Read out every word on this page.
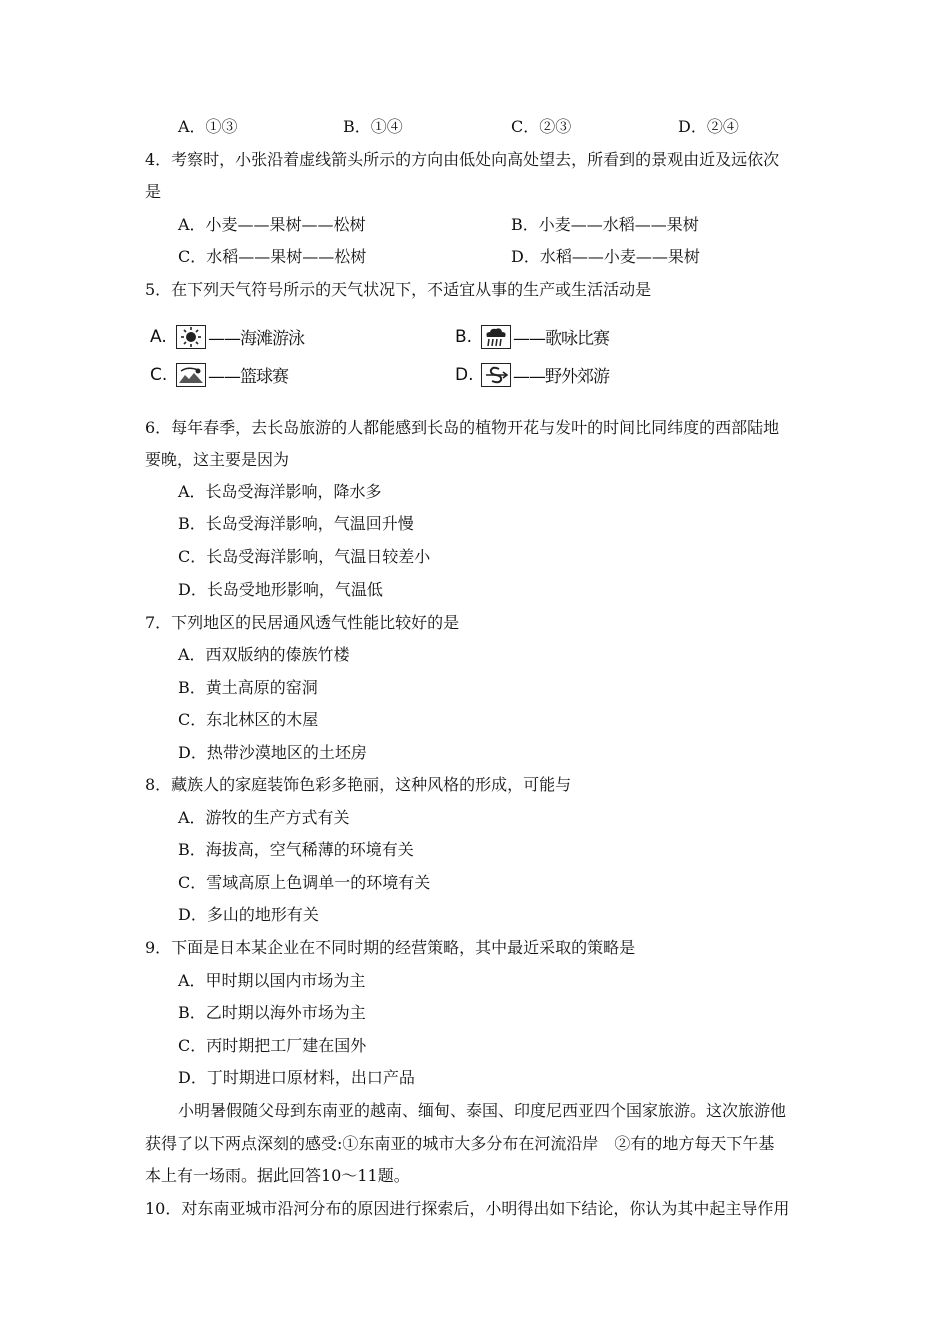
A．①③	B．①④	C．②③	D．②④
4．考察时，小张沿着虚线箭头所示的方向由低处向高处望去，所看到的景观由近及远依次
是
A．小麦——果树——松树	B．小麦——水稻——果树
C．水稻——果树——松树	D．水稻——小麦——果树
5．在下列天气符号所示的天气状况下，不适宜从事的生产或生活活动是
A.	——海滩游泳	B.	——歌咏比赛
C.	——篮球赛	D.	——野外郊游
6．每年春季，去长岛旅游的人都能感到长岛的植物开花与发叶的时间比同纬度的西部陆地
要晚，这主要是因为
A．长岛受海洋影响，降水多
B．长岛受海洋影响，气温回升慢
C．长岛受海洋影响，气温日较差小
D．长岛受地形影响，气温低
7．下列地区的民居通风透气性能比较好的是
A．西双版纳的傣族竹楼
B．黄土高原的窑洞
C．东北林区的木屋
D．热带沙漠地区的土坯房
8．藏族人的家庭装饰色彩多艳丽，这种风格的形成，可能与
A．游牧的生产方式有关
B．海拔高，空气稀薄的环境有关
C．雪域高原上色调单一的环境有关
D．多山的地形有关
9．下面是日本某企业在不同时期的经营策略，其中最近采取的策略是
A．甲时期以国内市场为主
B．乙时期以海外市场为主
C．丙时期把工厂建在国外
D．丁时期进口原材料，出口产品
小明暑假随父母到东南亚的越南、缅甸、泰国、印度尼西亚四个国家旅游。这次旅游他
获得了以下两点深刻的感受:①东南亚的城市大多分布在河流沿岸　②有的地方每天下午基
本上有一场雨。据此回答10～11题。
10．对东南亚城市沿河分布的原因进行探索后，小明得出如下结论，你认为其中起主导作用
